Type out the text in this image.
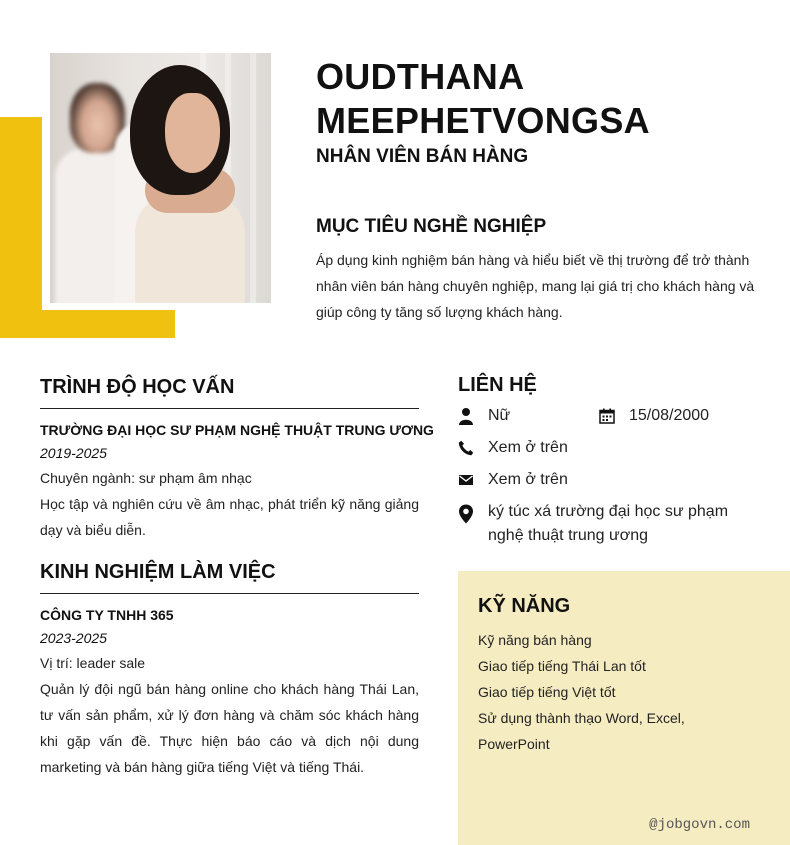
OUDTHANA MEEPHETVONGSA
NHÂN VIÊN BÁN HÀNG
MỤC TIÊU NGHỀ NGHIỆP
Áp dụng kinh nghiệm bán hàng và hiểu biết về thị trường để trở thành nhân viên bán hàng chuyên nghiệp, mang lại giá trị cho khách hàng và giúp công ty tăng số lượng khách hàng.
TRÌNH ĐỘ HỌC VẤN
TRƯỜNG ĐẠI HỌC SƯ PHẠM NGHỆ THUẬT TRUNG ƯƠNG
2019-2025
Chuyên ngành: sư phạm âm nhạc
Học tập và nghiên cứu về âm nhạc, phát triển kỹ năng giảng dạy và biểu diễn.
KINH NGHIỆM LÀM VIỆC
CÔNG TY TNHH 365
2023-2025
Vị trí: leader sale
Quản lý đội ngũ bán hàng online cho khách hàng Thái Lan, tư vấn sản phẩm, xử lý đơn hàng và chăm sóc khách hàng khi gặp vấn đề. Thực hiện báo cáo và dịch nội dung marketing và bán hàng giữa tiếng Việt và tiếng Thái.
LIÊN HỆ
Nữ	15/08/2000
Xem ở trên
Xem ở trên
ký túc xá trường đại học sư phạm nghệ thuật trung ương
KỸ NĂNG
Kỹ năng bán hàng
Giao tiếp tiếng Thái Lan tốt
Giao tiếp tiếng Việt tốt
Sử dụng thành thạo Word, Excel, PowerPoint
@jobgovn.com
